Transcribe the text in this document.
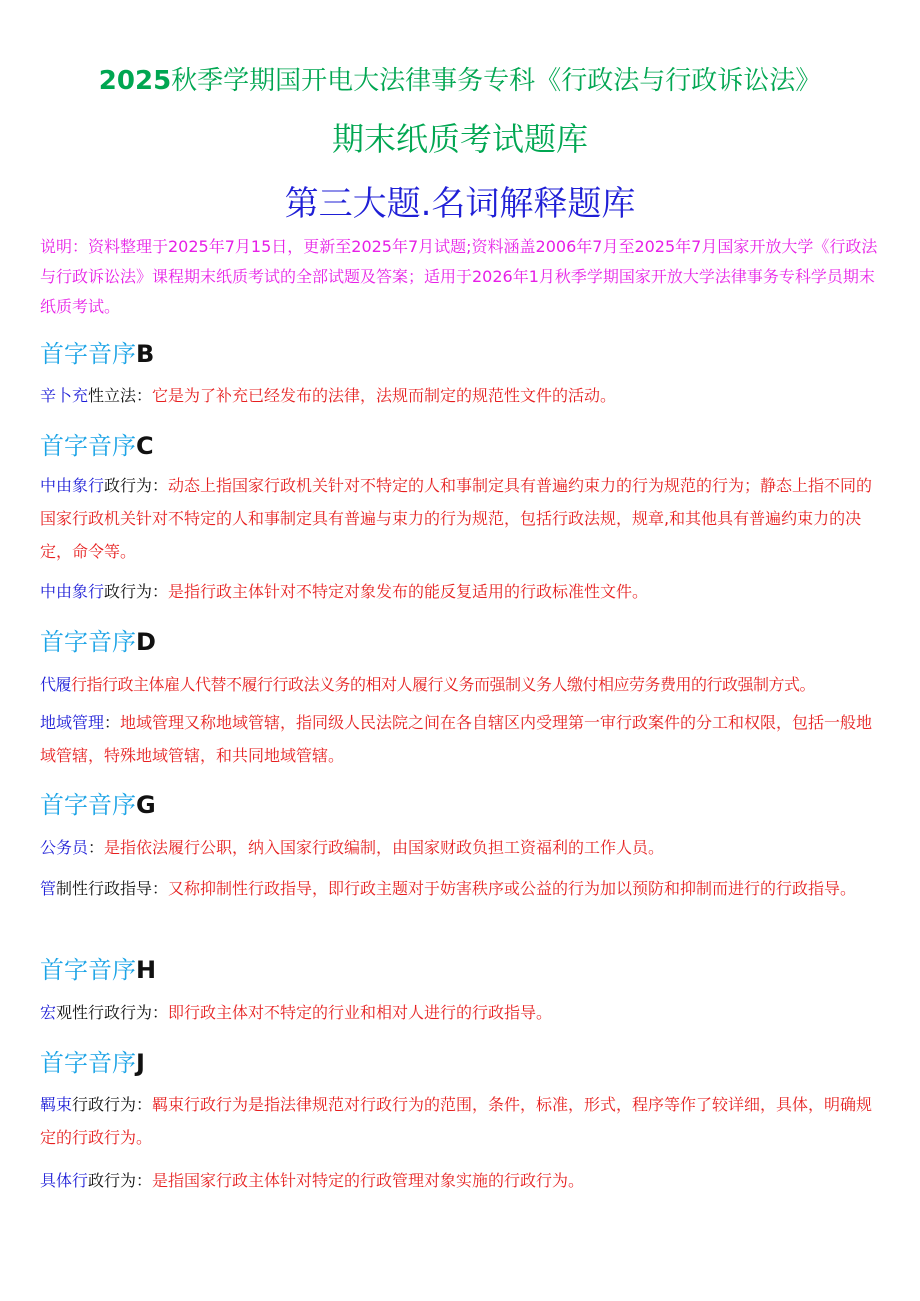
2025秋季学期国开电大法律事务专科《行政法与行政诉讼法》
期末纸质考试题库
第三大题.名词解释题库
说明：资料整理于2025年7月15日，更新至2025年7月试题;资料涵盖2006年7月至2025年7月国家开放大学《行政法与行政诉讼法》课程期末纸质考试的全部试题及答案；适用于2026年1月秋季学期国家开放大学法律事务专科学员期末纸质考试。
首字音序B
辛卜充性立法：它是为了补充已经发布的法律，法规而制定的规范性文件的活动。
首字音序C
中由象行政行为：动态上指国家行政机关针对不特定的人和事制定具有普遍约束力的行为规范的行为；静态上指不同的国家行政机关针对不特定的人和事制定具有普遍与束力的行为规范，包括行政法规，规章,和其他具有普遍约束力的决定，命令等。
中由象行政行为：是指行政主体针对不特定对象发布的能反复适用的行政标准性文件。
首字音序D
代履行指行政主体雇人代替不履行行政法义务的相对人履行义务而强制义务人缴付相应劳务费用的行政强制方式。
地域管理：地域管理又称地域管辖，指同级人民法院之间在各自辖区内受理第一审行政案件的分工和权限，包括一般地域管辖，特殊地域管辖，和共同地域管辖。
首字音序G
公务员：是指依法履行公职，纳入国家行政编制，由国家财政负担工资福利的工作人员。
管制性行政指导：又称抑制性行政指导，即行政主题对于妨害秩序或公益的行为加以预防和抑制而进行的行政指导。
首字音序H
宏观性行政行为：即行政主体对不特定的行业和相对人进行的行政指导。
首字音序J
羁束行政行为：羁束行政行为是指法律规范对行政行为的范围，条件，标准，形式，程序等作了较详细，具体，明确规定的行政行为。
具体行政行为：是指国家行政主体针对特定的行政管理对象实施的行政行为。
